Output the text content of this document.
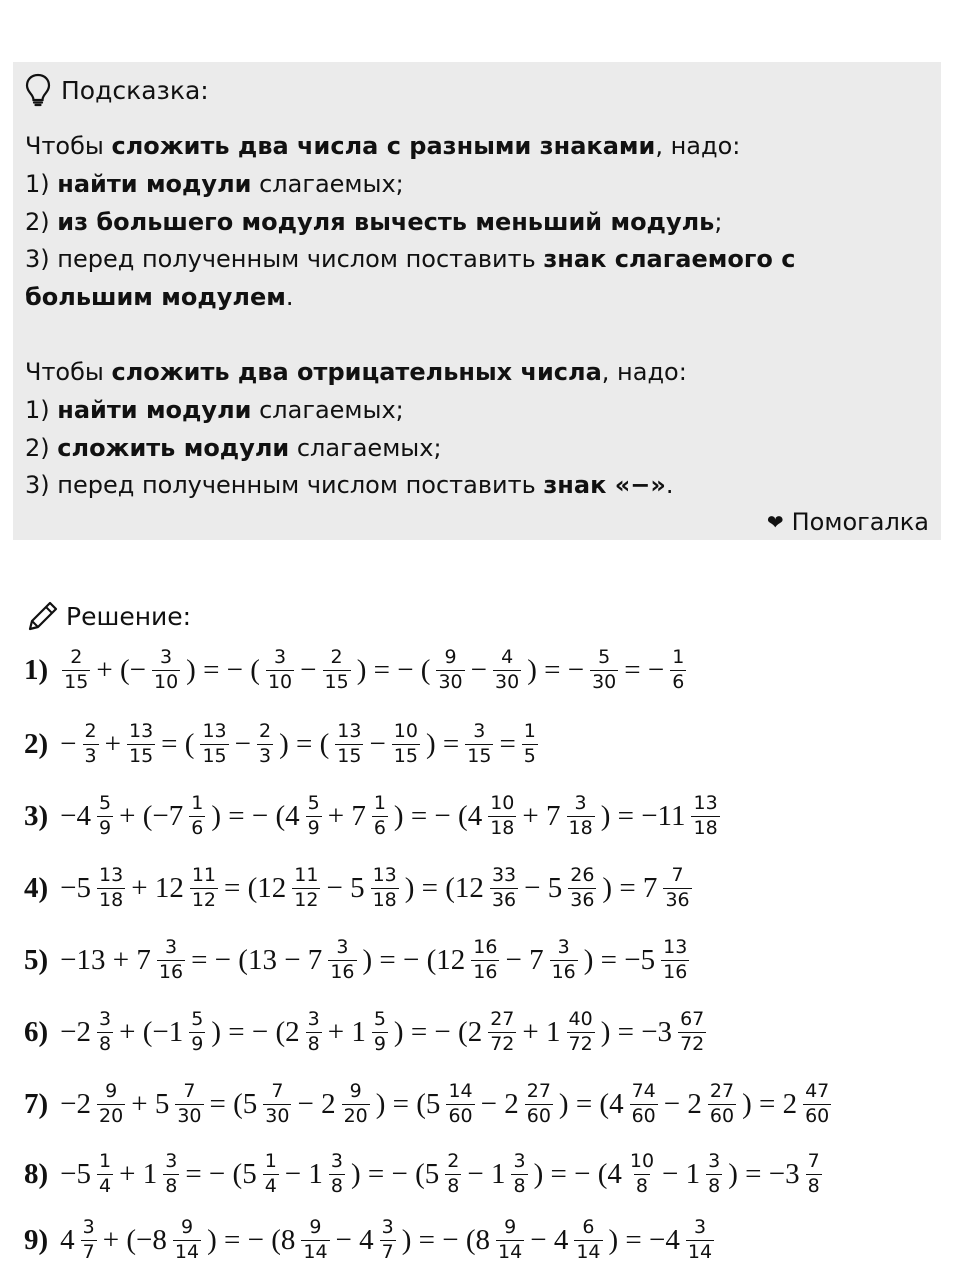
Подсказка:
Чтобы сложить два числа с разными знаками, надо:
1) найти модули слагаемых;
2) из большего модуля вычесть меньший модуль;
3) перед полученным числом поставить знак слагаемого с большим модулем.
Чтобы сложить два отрицательных числа, надо:
1) найти модули слагаемых;
2) сложить модули слагаемых;
3) перед полученным числом поставить знак «−».
❤ Помогалка
Решение:
$1) \frac{2}{15}$ + (− $\frac{3}{10}$ ) = − ( $\frac{3}{10} - \frac{2}{15}$ ) = − ( $\frac{9}{30} - \frac{4}{30}$ ) = − $\frac{5}{30}$ = − $\frac{1}{6}$
$2) - \frac{2}{3} + \frac{13}{15}$ = ( $\frac{13}{15} - \frac{2}{3}$ ) = ( $\frac{13}{15} - \frac{10}{15}$ ) = $\frac{3}{15} = \frac{1}{5}$
$3) -4 \frac{5}{9} + (-7 \frac{1}{6}$ ) = − ($4 \frac{5}{9} + 7 \frac{1}{6}$ ) = − ($4 \frac{10}{18} + 7 \frac{3}{18}$ ) = $-11 \frac{13}{18}$
$4) -5 \frac{13}{18} + 12 \frac{11}{12} = (12 \frac{11}{12} - 5 \frac{13}{18}$ ) = ($12 \frac{33}{36} - 5 \frac{26}{36}$ ) = $7 \frac{7}{36}$
$5) -13 + 7 \frac{3}{16}$ = − ($13 - 7 \frac{3}{16}$ ) = − ($12 \frac{16}{16} - 7 \frac{3}{16}$ ) = $-5 \frac{13}{16}$
$6) -2 \frac{3}{8} + (-1 \frac{5}{9}$ ) = − ($2 \frac{3}{8} + 1 \frac{5}{9}$ ) = − ($2 \frac{27}{72} + 1 \frac{40}{72}$ ) = $-3 \frac{67}{72}$
$7) -2 \frac{9}{20} + 5 \frac{7}{30} = (5 \frac{7}{30} - 2 \frac{9}{20}$ ) = ($5 \frac{14}{60} - 2 \frac{27}{60}$ ) = ($4 \frac{74}{60} - 2 \frac{27}{60}$ ) = $2 \frac{47}{60}$
$8) -5 \frac{1}{4} + 1 \frac{3}{8}$ = − ($5 \frac{1}{4} - 1 \frac{3}{8}$ ) = − ($5 \frac{2}{8} - 1 \frac{3}{8}$ ) = − ($4 \frac{10}{8} - 1 \frac{3}{8}$ ) = $-3 \frac{7}{8}$
9) $4 \frac{3}{7} + (-8 \frac{9}{14}$ ) = − ($8 \frac{9}{14} - 4 \frac{3}{7}$ ) = − ($8 \frac{9}{14} - 4 \frac{6}{14}$ ) = $-4 \frac{3}{14}$
